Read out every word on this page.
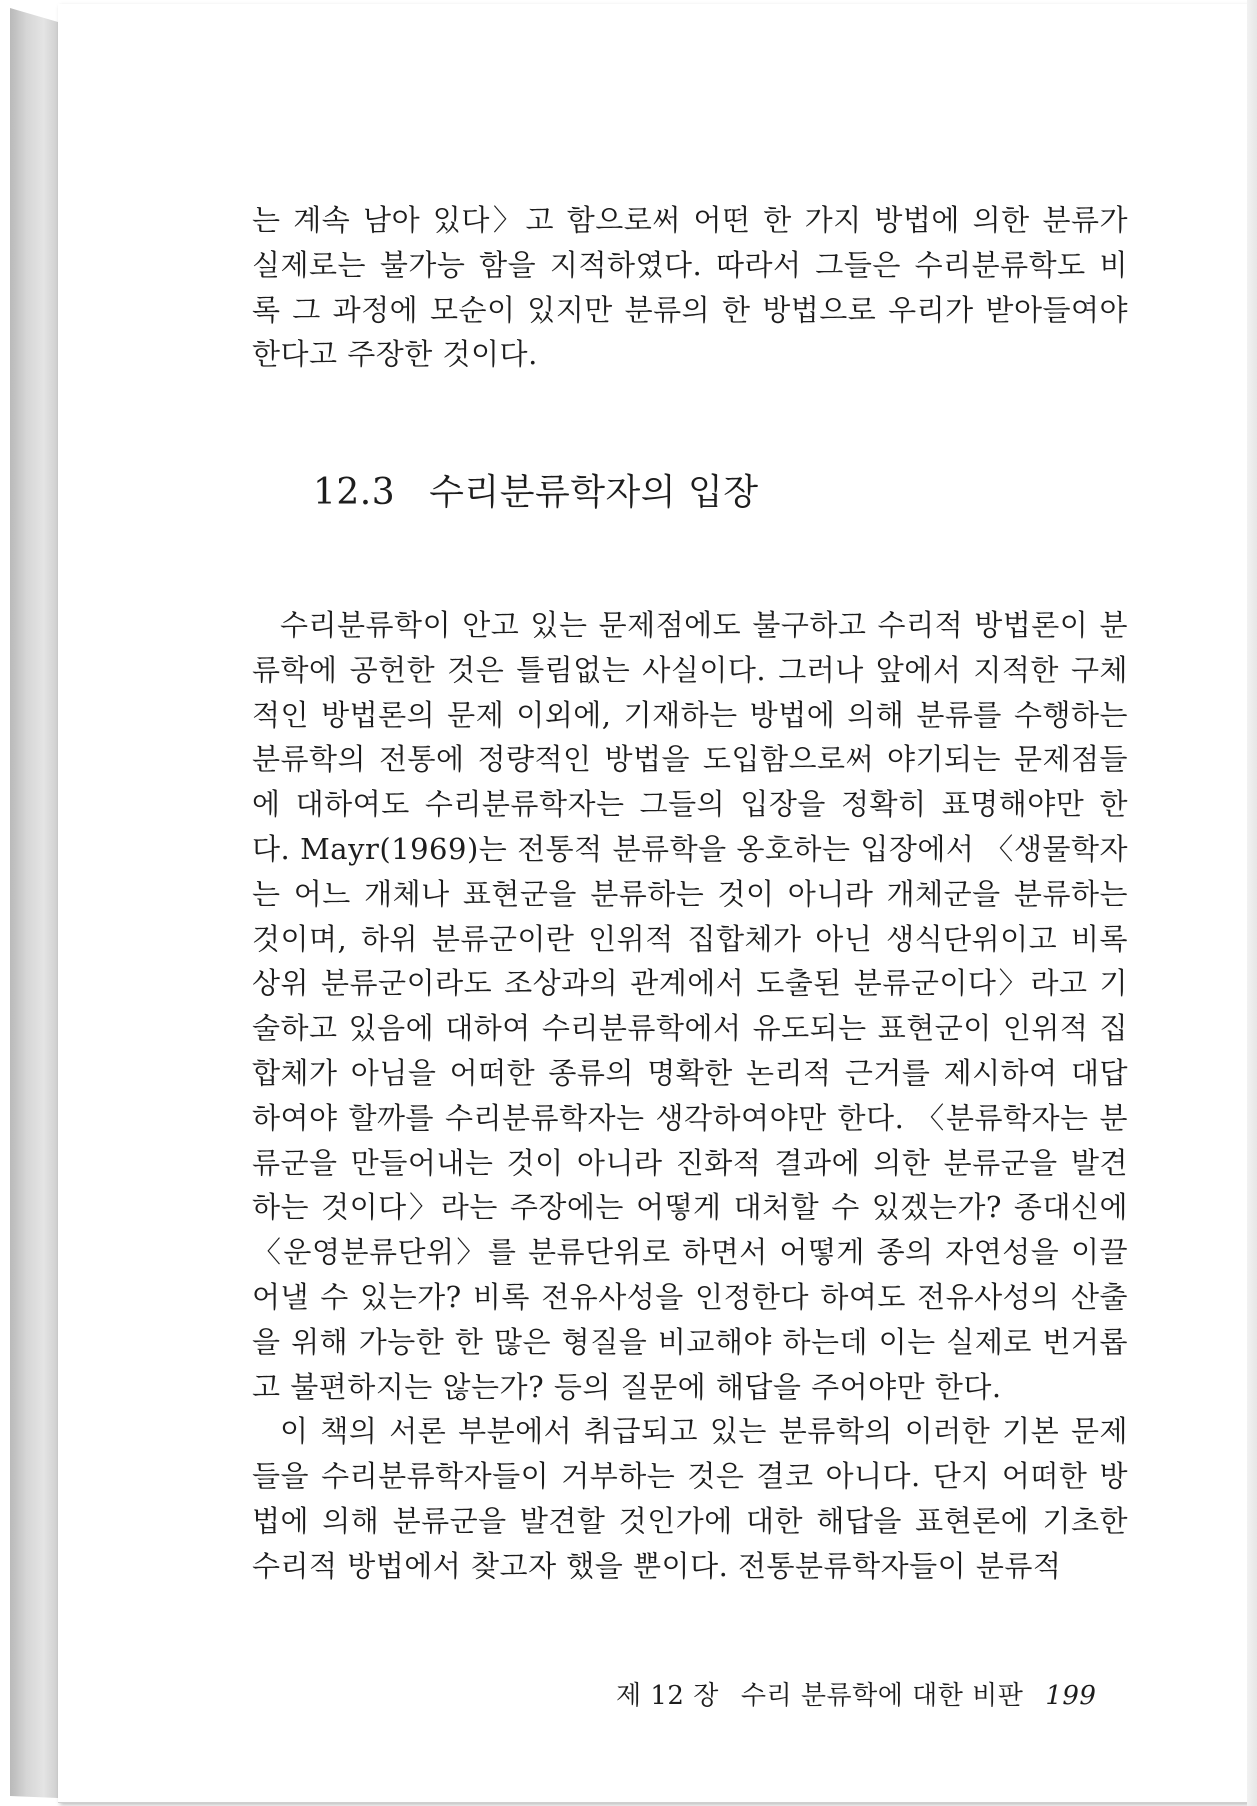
는 계속 남아 있다〉고 함으로써 어떤 한 가지 방법에 의한 분류가 실제로는 불가능 함을 지적하였다. 따라서 그들은 수리분류학도 비록 그 과정에 모순이 있지만 분류의 한 방법으로 우리가 받아들여야 한다고 주장한 것이다.

12.3 수리분류학자의 입장

수리분류학이 안고 있는 문제점에도 불구하고 수리적 방법론이 분류학에 공헌한 것은 틀림없는 사실이다. 그러나 앞에서 지적한 구체적인 방법론의 문제 이외에, 기재하는 방법에 의해 분류를 수행하는 분류학의 전통에 정량적인 방법을 도입함으로써 야기되는 문제점들에 대하여도 수리분류학자는 그들의 입장을 정확히 표명해야만 한다. Mayr(1969)는 전통적 분류학을 옹호하는 입장에서 〈생물학자는 어느 개체나 표현군을 분류하는 것이 아니라 개체군을 분류하는 것이며, 하위 분류군이란 인위적 집합체가 아닌 생식단위이고 비록 상위 분류군이라도 조상과의 관계에서 도출된 분류군이다〉라고 기술하고 있음에 대하여 수리분류학에서 유도되는 표현군이 인위적 집합체가 아님을 어떠한 종류의 명확한 논리적 근거를 제시하여 대답하여야 할까를 수리분류학자는 생각하여야만 한다. 〈분류학자는 분류군을 만들어내는 것이 아니라 진화적 결과에 의한 분류군을 발견하는 것이다〉라는 주장에는 어떻게 대처할 수 있겠는가? 종대신에 〈운영분류단위〉를 분류단위로 하면서 어떻게 종의 자연성을 이끌어낼 수 있는가? 비록 전유사성을 인정한다 하여도 전유사성의 산출을 위해 가능한 한 많은 형질을 비교해야 하는데 이는 실제로 번거롭고 불편하지는 않는가? 등의 질문에 해답을 주어야만 한다.

이 책의 서론 부분에서 취급되고 있는 분류학의 이러한 기본 문제들을 수리분류학자들이 거부하는 것은 결코 아니다. 단지 어떠한 방법에 의해 분류군을 발견할 것인가에 대한 해답을 표현론에 기초한 수리적 방법에서 찾고자 했을 뿐이다. 전통분류학자들이 분류적

제 12 장 수리 분류학에 대한 비판 199
